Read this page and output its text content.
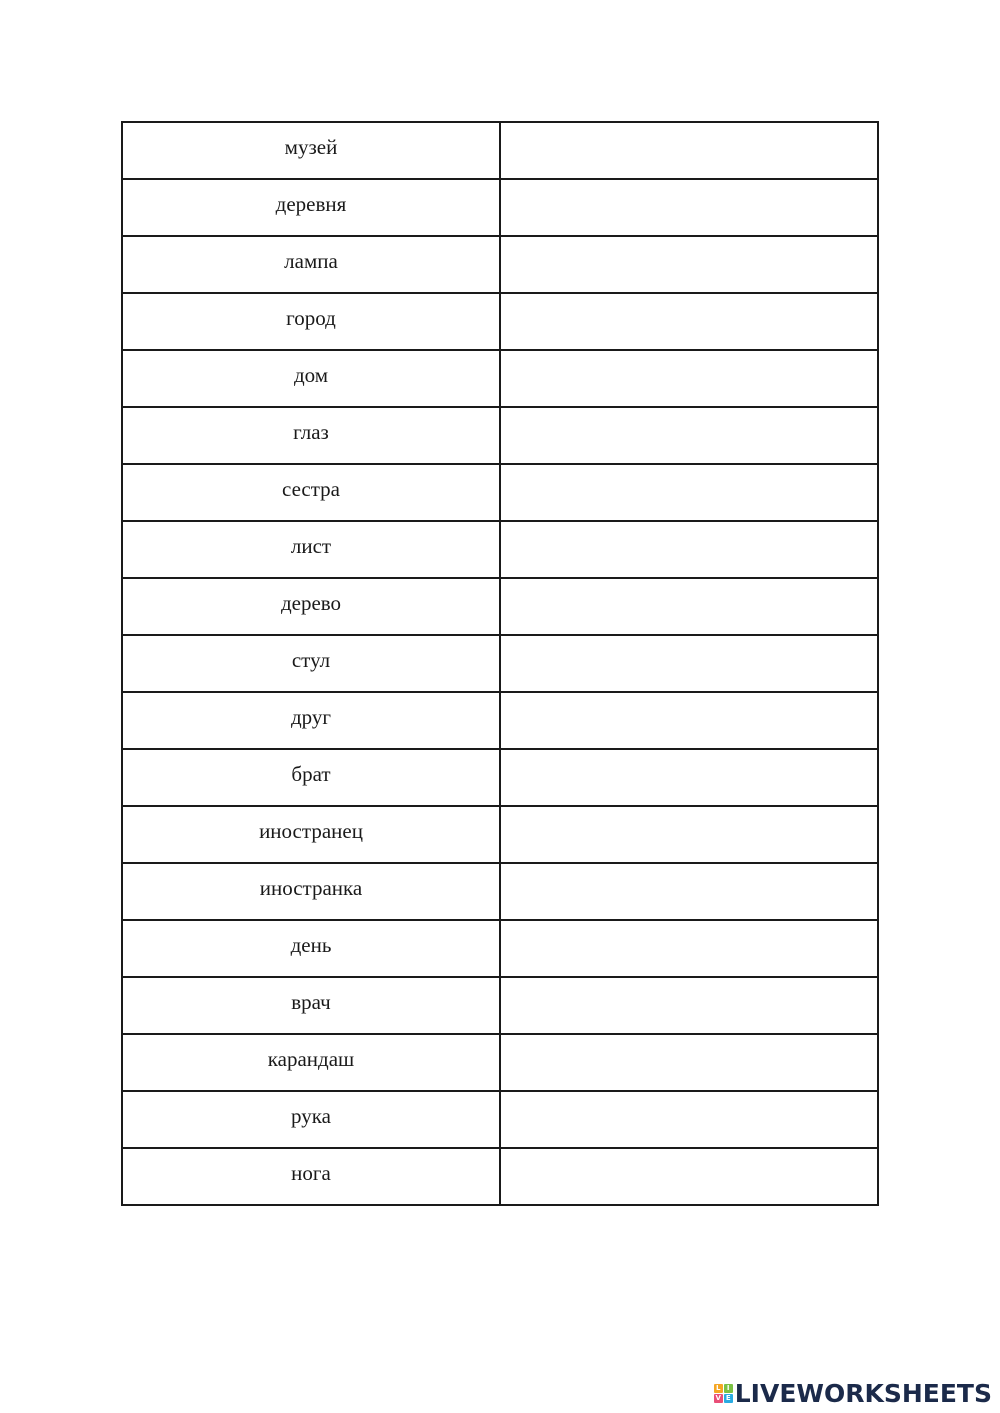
музей	
деревня	
лампа	
город	
дом	
глаз	
сестра	
лист	
дерево	
стул	
друг	
брат	
иностранец	
иностранка	
день	
врач	
карандаш	
рука	
нога	
L I
V E LIVEWORKSHEETS
